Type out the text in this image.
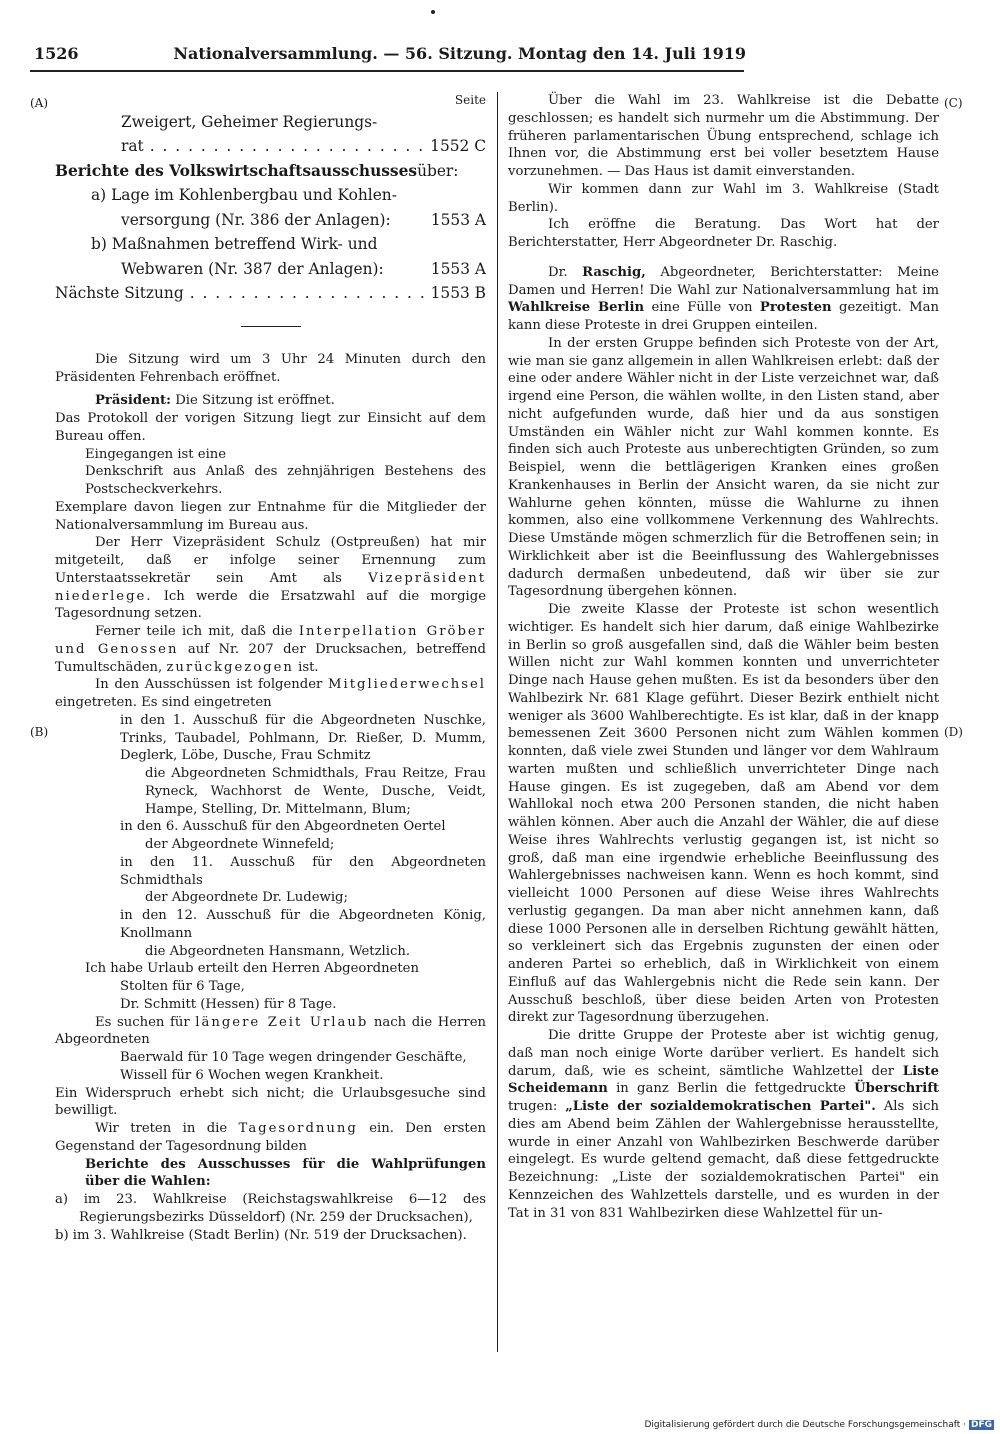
1526	Nationalversammlung. — 56. Sitzung. Montag den 14. Juli 1919
(A)
(B)
(C)
(D)

Seite

Zweigert, Geheimer Regierungs-
rat . . .	1552 C
Berichte des Volkswirtschaftsausschusses über:
a) Lage im Kohlenbergbau und Kohlen-
versorgung (Nr. 386 der Anlagen):	1553 A
b) Maßnahmen betreffend Wirk- und
Webwaren (Nr. 387 der Anlagen):	1553 A
Nächste Sitzung . . .	1553 B

Die Sitzung wird um 3 Uhr 24 Minuten durch den Präsidenten Fehrenbach eröffnet.

Präsident: Die Sitzung ist eröffnet.

Das Protokoll der vorigen Sitzung liegt zur Einsicht auf dem Bureau offen.

Eingegangen ist eine

Denkschrift aus Anlaß des zehnjährigen Bestehens des Postscheckverkehrs.

Exemplare davon liegen zur Entnahme für die Mitglieder der Nationalversammlung im Bureau aus.

Der Herr Vizepräsident Schulz (Ostpreußen) hat mir mitgeteilt, daß er infolge seiner Ernennung zum Unterstaatssekretär sein Amt als Vizepräsident niederlege. Ich werde die Ersatzwahl auf die morgige Tagesordnung setzen.

Ferner teile ich mit, daß die Interpellation Gröber und Genossen auf Nr. 207 der Drucksachen, betreffend Tumultschäden, zurückgezogen ist.

In den Ausschüssen ist folgender Mitgliederwechsel eingetreten. Es sind eingetreten

in den 1. Ausschuß für die Abgeordneten Nuschke, Trinks, Taubadel, Pohlmann, Dr. Rießer, D. Mumm, Deglerk, Löbe, Dusche, Frau Schmitz

die Abgeordneten Schmidthals, Frau Reitze, Frau Ryneck, Wachhorst de Wente, Dusche, Veidt, Hampe, Stelling, Dr. Mittelmann, Blum;

in den 6. Ausschuß für den Abgeordneten Oertel

der Abgeordnete Winnefeld;

in den 11. Ausschuß für den Abgeordneten Schmidthals

der Abgeordnete Dr. Ludewig;

in den 12. Ausschuß für die Abgeordneten König, Knollmann

die Abgeordneten Hansmann, Wetzlich.

Ich habe Urlaub erteilt den Herren Abgeordneten

Stolten für 6 Tage,

Dr. Schmitt (Hessen) für 8 Tage.

Es suchen für längere Zeit Urlaub nach die Herren Abgeordneten

Baerwald für 10 Tage wegen dringender Geschäfte,

Wissell für 6 Wochen wegen Krankheit.

Ein Widerspruch erhebt sich nicht; die Urlaubsgesuche sind bewilligt.

Wir treten in die Tagesordnung ein. Den ersten Gegenstand der Tagesordnung bilden

Berichte des Ausschusses für die Wahlprüfungen über die Wahlen:

a) im 23. Wahlkreise (Reichstagswahlkreise 6—12 des Regierungsbezirks Düsseldorf) (Nr. 259 der Drucksachen),

b) im 3. Wahlkreise (Stadt Berlin) (Nr. 519 der Drucksachen).

Über die Wahl im 23. Wahlkreise ist die Debatte geschlossen; es handelt sich nurmehr um die Abstimmung. Der früheren parlamentarischen Übung entsprechend, schlage ich Ihnen vor, die Abstimmung erst bei voller besetztem Hause vorzunehmen. — Das Haus ist damit einverstanden.

Wir kommen dann zur Wahl im 3. Wahlkreise (Stadt Berlin).

Ich eröffne die Beratung. Das Wort hat der Berichterstatter, Herr Abgeordneter Dr. Raschig.

Dr. Raschig, Abgeordneter, Berichterstatter: Meine Damen und Herren! Die Wahl zur Nationalversammlung hat im Wahlkreise Berlin eine Fülle von Protesten gezeitigt. Man kann diese Proteste in drei Gruppen einteilen.

In der ersten Gruppe befinden sich Proteste von der Art, wie man sie ganz allgemein in allen Wahlkreisen erlebt: daß der eine oder andere Wähler nicht in der Liste verzeichnet war, daß irgend eine Person, die wählen wollte, in den Listen stand, aber nicht aufgefunden wurde, daß hier und da aus sonstigen Umständen ein Wähler nicht zur Wahl kommen konnte. Es finden sich auch Proteste aus unberechtigten Gründen, so zum Beispiel, wenn die bettlägerigen Kranken eines großen Krankenhauses in Berlin der Ansicht waren, da sie nicht zur Wahlurne gehen könnten, müsse die Wahlurne zu ihnen kommen, also eine vollkommene Verkennung des Wahlrechts. Diese Umstände mögen schmerzlich für die Betroffenen sein; in Wirklichkeit aber ist die Beeinflussung des Wahlergebnisses dadurch dermaßen unbedeutend, daß wir über sie zur Tagesordnung übergehen können.

Die zweite Klasse der Proteste ist schon wesentlich wichtiger. Es handelt sich hier darum, daß einige Wahlbezirke in Berlin so groß ausgefallen sind, daß die Wähler beim besten Willen nicht zur Wahl kommen konnten und unverrichteter Dinge nach Hause gehen mußten. Es ist da besonders über den Wahlbezirk Nr. 681 Klage geführt. Dieser Bezirk enthielt nicht weniger als 3600 Wahlberechtigte. Es ist klar, daß in der knapp bemessenen Zeit 3600 Personen nicht zum Wählen kommen konnten, daß viele zwei Stunden und länger vor dem Wahlraum warten mußten und schließlich unverrichteter Dinge nach Hause gingen. Es ist zugegeben, daß am Abend vor dem Wahllokal noch etwa 200 Personen standen, die nicht haben wählen können. Aber auch die Anzahl der Wähler, die auf diese Weise ihres Wahlrechts verlustig gegangen ist, ist nicht so groß, daß man eine irgendwie erhebliche Beeinflussung des Wahlergebnisses nachweisen kann. Wenn es hoch kommt, sind vielleicht 1000 Personen auf diese Weise ihres Wahlrechts verlustig gegangen. Da man aber nicht annehmen kann, daß diese 1000 Personen alle in derselben Richtung gewählt hätten, so verkleinert sich das Ergebnis zugunsten der einen oder anderen Partei so erheblich, daß in Wirklichkeit von einem Einfluß auf das Wahlergebnis nicht die Rede sein kann. Der Ausschuß beschloß, über diese beiden Arten von Protesten direkt zur Tagesordnung überzugehen.

Die dritte Gruppe der Proteste aber ist wichtig genug, daß man noch einige Worte darüber verliert. Es handelt sich darum, daß, wie es scheint, sämtliche Wahlzettel der Liste Scheidemann in ganz Berlin die fettgedruckte Überschrift trugen: „Liste der sozialdemokratischen Partei". Als sich dies am Abend beim Zählen der Wahlergebnisse herausstellte, wurde in einer Anzahl von Wahlbezirken Beschwerde darüber eingelegt. Es wurde geltend gemacht, daß diese fettgedruckte Bezeichnung: „Liste der sozialdemokratischen Partei" ein Kennzeichen des Wahlzettels darstelle, und es wurden in der Tat in 31 von 831 Wahlbezirken diese Wahlzettel für un-

Digitalisierung gefördert durch die Deutsche Forschungsgemeinschaft · DFG
